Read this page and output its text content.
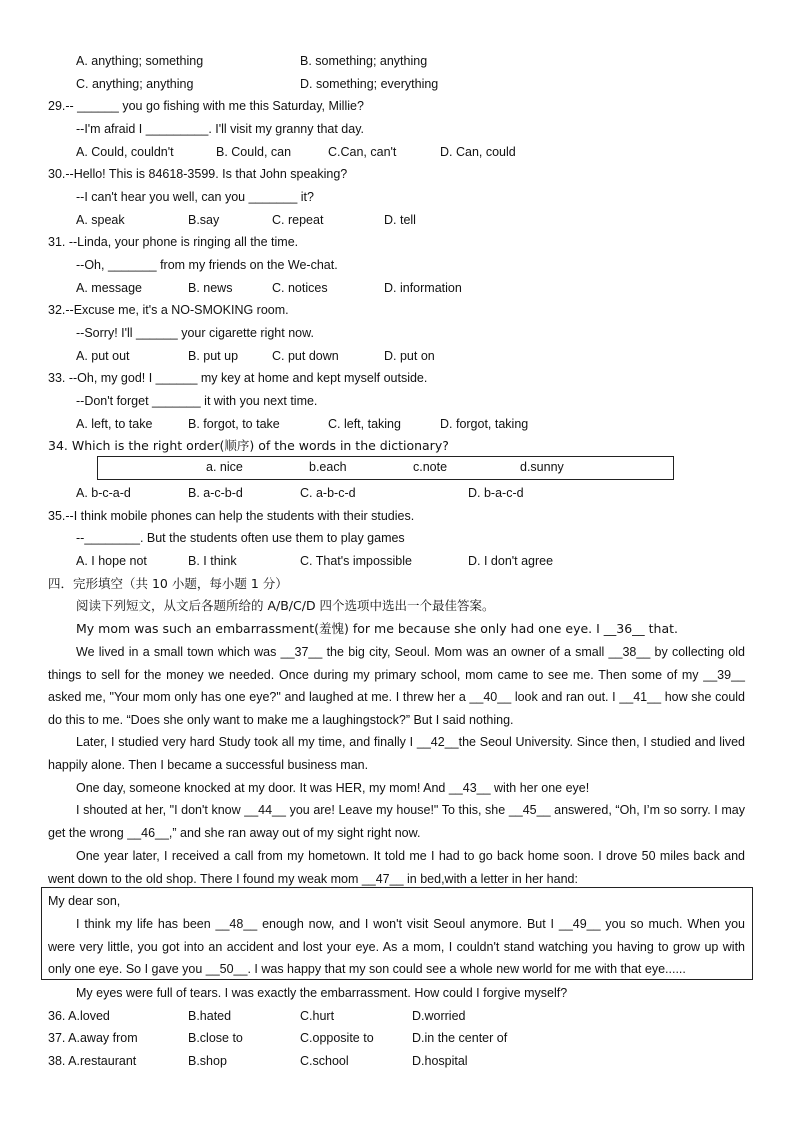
A. anything; something	B. something; anything
C. anything; anything	D. something; everything
29.-- ______ you go fishing with me this Saturday, Millie?
--I'm afraid I _________. I'll visit my granny that day.
A. Could, couldn't	B. Could, can	C.Can, can't	D. Can, could
30.--Hello! This is 84618-3599. Is that John speaking?
--I can't hear you well, can you _______ it?
A. speak	B.say	C. repeat	D. tell
31. --Linda, your phone is ringing all the time.
--Oh, _______ from my friends on the We-chat.
A. message	B. news	C. notices	D. information
32.--Excuse me, it's a NO-SMOKING room.
--Sorry! I'll ______ your cigarette right now.
A. put out	B. put up	C. put down	D. put on
33. --Oh, my god! I ______ my key at home and kept myself outside.
--Don't forget _______ it with you next time.
A. left, to take	B. forgot, to take	C. left, taking	D. forgot, taking
34. Which is the right order(顺序) of the words in the dictionary?
a. nice	b.each	c.note	d.sunny
A. b-c-a-d	B. a-c-b-d	C. a-b-c-d	D. b-a-c-d
35.--I think mobile phones can help the students with their studies.
--________. But the students often use them to play games
A. I hope not	B. I think	C. That's impossible	D. I don't agree
四．完形填空（共 10 小题，每小题 1 分）
阅读下列短文，从文后各题所给的 A/B/C/D 四个选项中选出一个最佳答案。
My mom was such an embarrassment(羞愧) for me because she only had one eye. I __36__ that.
We lived in a small town which was __37__ the big city, Seoul. Mom was an owner of a small __38__ by collecting old things to sell for the money we needed. Once during my primary school, mom came to see me. Then some of my __39__ asked me, "Your mom only has one eye?" and laughed at me. I threw her a __40__ look and ran out. I __41__ how she could do this to me. “Does she only want to make me a laughingstock?” But I said nothing.
Later, I studied very hard Study took all my time, and finally I __42__the Seoul University. Since then, I studied and lived happily alone. Then I became a successful business man.
One day, someone knocked at my door. It was HER, my mom! And __43__ with her one eye!
I shouted at her, "I don't know __44__ you are! Leave my house!" To this, she __45__ answered, “Oh, I’m so sorry. I may get the wrong __46__,” and she ran away out of my sight right now.
One year later, I received a call from my hometown. It told me I had to go back home soon. I drove 50 miles back and went down to the old shop. There I found my weak mom __47__ in bed,with a letter in her hand:
My dear son,
I think my life has been __48__ enough now, and I won't visit Seoul anymore. But I __49__ you so much. When you were very little, you got into an accident and lost your eye. As a mom, I couldn't stand watching you having to grow up with only one eye. So I gave you __50__. I was happy that my son could see a whole new world for me with that eye......
My eyes were full of tears. I was exactly the embarrassment. How could I forgive myself?
36. A.loved	B.hated	C.hurt	D.worried
37. A.away from	B.close to	C.opposite to	D.in the center of
38. A.restaurant	B.shop	C.school	D.hospital
